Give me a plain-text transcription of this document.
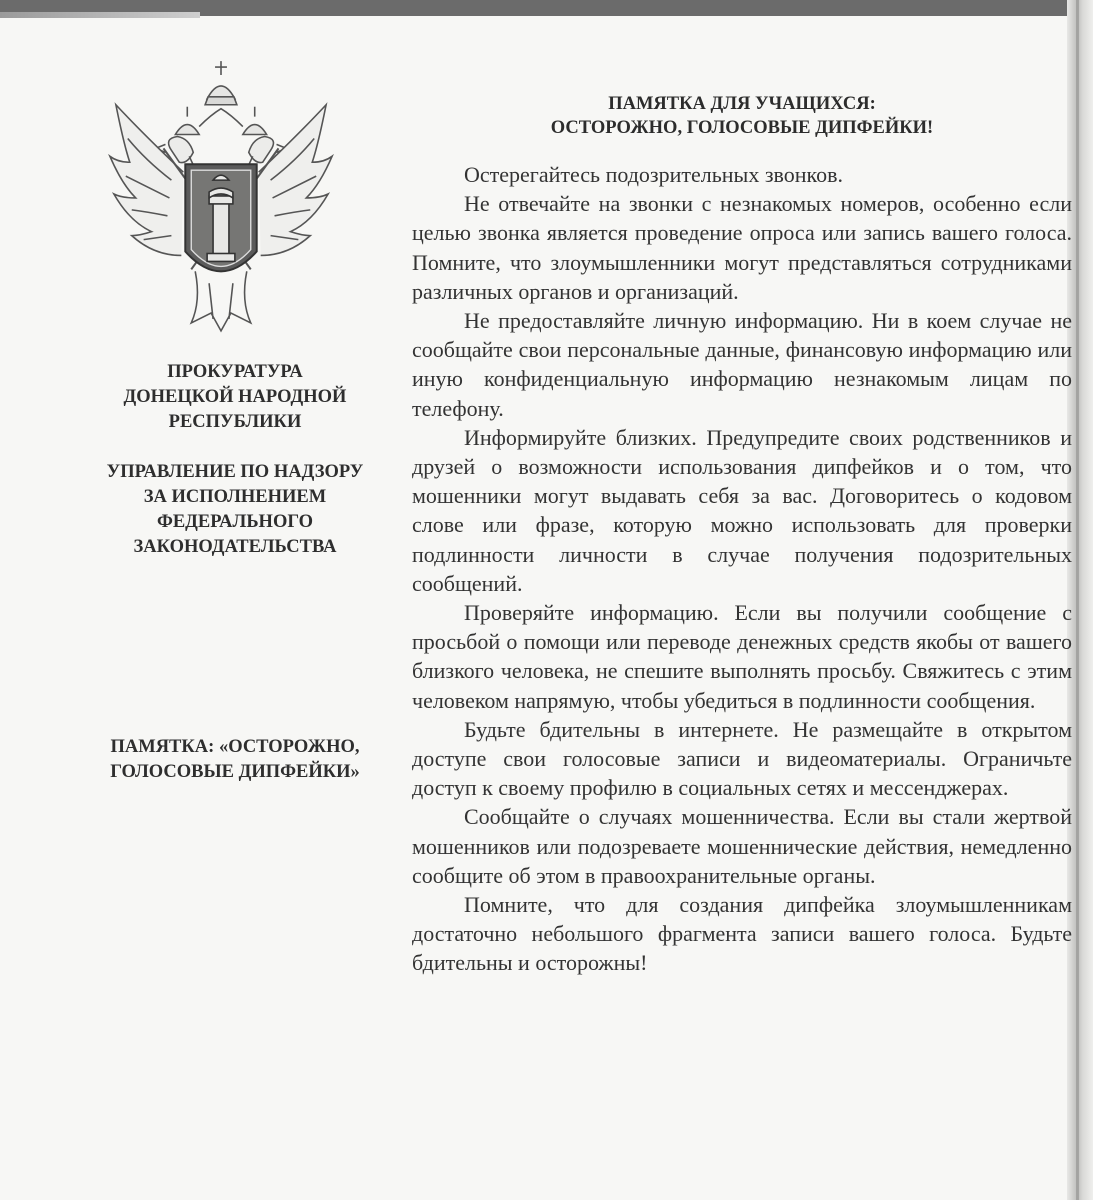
ПРОКУРАТУРА
ДОНЕЦКОЙ НАРОДНОЙ
РЕСПУБЛИКИ
УПРАВЛЕНИЕ ПО НАДЗОРУ
ЗА ИСПОЛНЕНИЕМ
ФЕДЕРАЛЬНОГО
ЗАКОНОДАТЕЛЬСТВА
ПАМЯТКА: «ОСТОРОЖНО,
ГОЛОСОВЫЕ ДИПФЕЙКИ»
ПАМЯТКА ДЛЯ УЧАЩИХСЯ:
ОСТОРОЖНО, ГОЛОСОВЫЕ ДИПФЕЙКИ!

Остерегайтесь подозрительных звонков.

Не отвечайте на звонки с незнакомых номеров, особенно если целью звонка является проведение опроса или запись вашего голоса. Помните, что злоумышленники могут представляться сотрудниками различных органов и организаций.

Не предоставляйте личную информацию. Ни в коем случае не сообщайте свои персональные данные, финансовую информацию или иную конфиденциальную информацию незнакомым лицам по телефону.

Информируйте близких. Предупредите своих родственников и друзей о возможности использования дипфейков и о том, что мошенники могут выдавать себя за вас. Договоритесь о кодовом слове или фразе, которую можно использовать для проверки подлинности личности в случае получения подозрительных сообщений.

Проверяйте информацию. Если вы получили сообщение с просьбой о помощи или переводе денежных средств якобы от вашего близкого человека, не спешите выполнять просьбу. Свяжитесь с этим человеком напрямую, чтобы убедиться в подлинности сообщения.

Будьте бдительны в интернете. Не размещайте в открытом доступе свои голосовые записи и видеоматериалы. Ограничьте доступ к своему профилю в социальных сетях и мессенджерах.

Сообщайте о случаях мошенничества. Если вы стали жертвой мошенников или подозреваете мошеннические действия, немедленно сообщите об этом в правоохранительные органы.

Помните, что для создания дипфейка злоумышленникам достаточно небольшого фрагмента записи вашего голоса. Будьте бдительны и осторожны!
